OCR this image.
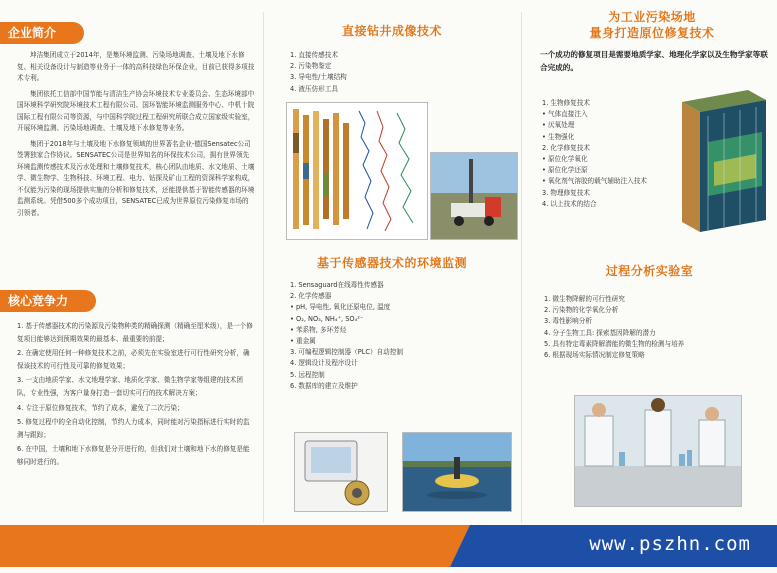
企业简介

坤洁集团成立于2014年，是集环境监测、污染场地调查、土壤及地下水修复、相关设备设计与制造等业务于一体的高科技绿色环保企业，目前已获得多项技术专利。

集团依托工信部中国节能与清洁生产协会环境技术专业委员会、生态环境部中国环境科学研究院环境技术工程有限公司、国环智能环境监测服务中心、中机十院国际工程有限公司等资源，与中国科学院过程工程研究所联合成立国家级实验室，开展环境监测、污染场地调查、土壤及地下水修复等业务。

集团于2018年与土壤及地下水修复领域的世界著名企业-德国Sensatec公司签署独家合作协议。SENSATEC公司是世界知名的环保技术公司，拥有世界领先环境监测传感技术及污水处理和土壤修复技术，核心团队由地质、水文地质、土壤学、微生物学、生物科技、环境工程、电力、钻探及矿山工程的资深科学家构成，不仅能为污染的现场提供实施的分析和修复技术，还能提供基于智能传感器的环境监测系统。凭借500多个成功项目，SENSATEC已成为世界原位污染修复市场的引领者。

核心竞争力

1. 基于传感器技术的污染源及污染物种类的精确探测（精确至厘米级），是一个修复项目能够达到预期效果的最基本、最重要的前提；

2. 在确定使用任何一种修复技术之前，必须先在实验室进行可行性研究分析，确保该技术的可行性及可靠的修复效果；

3. 一支由地质学家、水文地理学家、地质化学家、微生物学家等组建的技术团队，专业性强，为客户量身打造一套切实可行的技术解决方案；

4. 专注于原位修复技术，节约了成本，避免了二次污染；

5. 修复过程中的全自动化控制，节约人力成本，同时能对污染指标进行实时的监测与跟踪；

6. 在中国，土壤和地下水修复是分开进行的，但我们对土壤和地下水的修复是能够同时进行的。

直接钻井成像技术
1. 直接传感技术
2. 污染物鉴定
3. 导电性/土壤结构
4. 液压仿形工具
基于传感器技术的环境监测
1. Sensaguard在线毒性传感器
2. 化学传感器
• pH, 导电性, 氧化还原电位, 温度
• O₂, NO₃, NH₄⁺, SO₄²⁻
• 苯系物, 多环芳烃
• 重金属
3. 可编程逻辑控制器（PLC）自动控制
4. 逻辑设计及程序设计
5. 远程控制
6. 数据库的建立及维护
为工业污染场地
量身打造原位修复技术
一个成功的修复项目是需要地质学家、地理化学家以及生物学家等联合完成的。
1. 生物修复技术
• 气体直接注入
• 厌氧处理
• 生物强化
2. 化学修复技术
• 原位化学氧化
• 原位化学还原
• 氧化剂气溶胶的载气辅助注入技术
3. 物理修复技术
4. 以上技术的结合
过程分析实验室
1. 微生物降解的可行性研究
2. 污染物的化学氧化分析
3. 毒性影响分析
4. 分子生物工具: 探索基因降解的潜力
5. 具有特定毒素降解潜能的微生物的检测与培养
6. 根据现场实际情况制定修复策略
www.pszhn.com
